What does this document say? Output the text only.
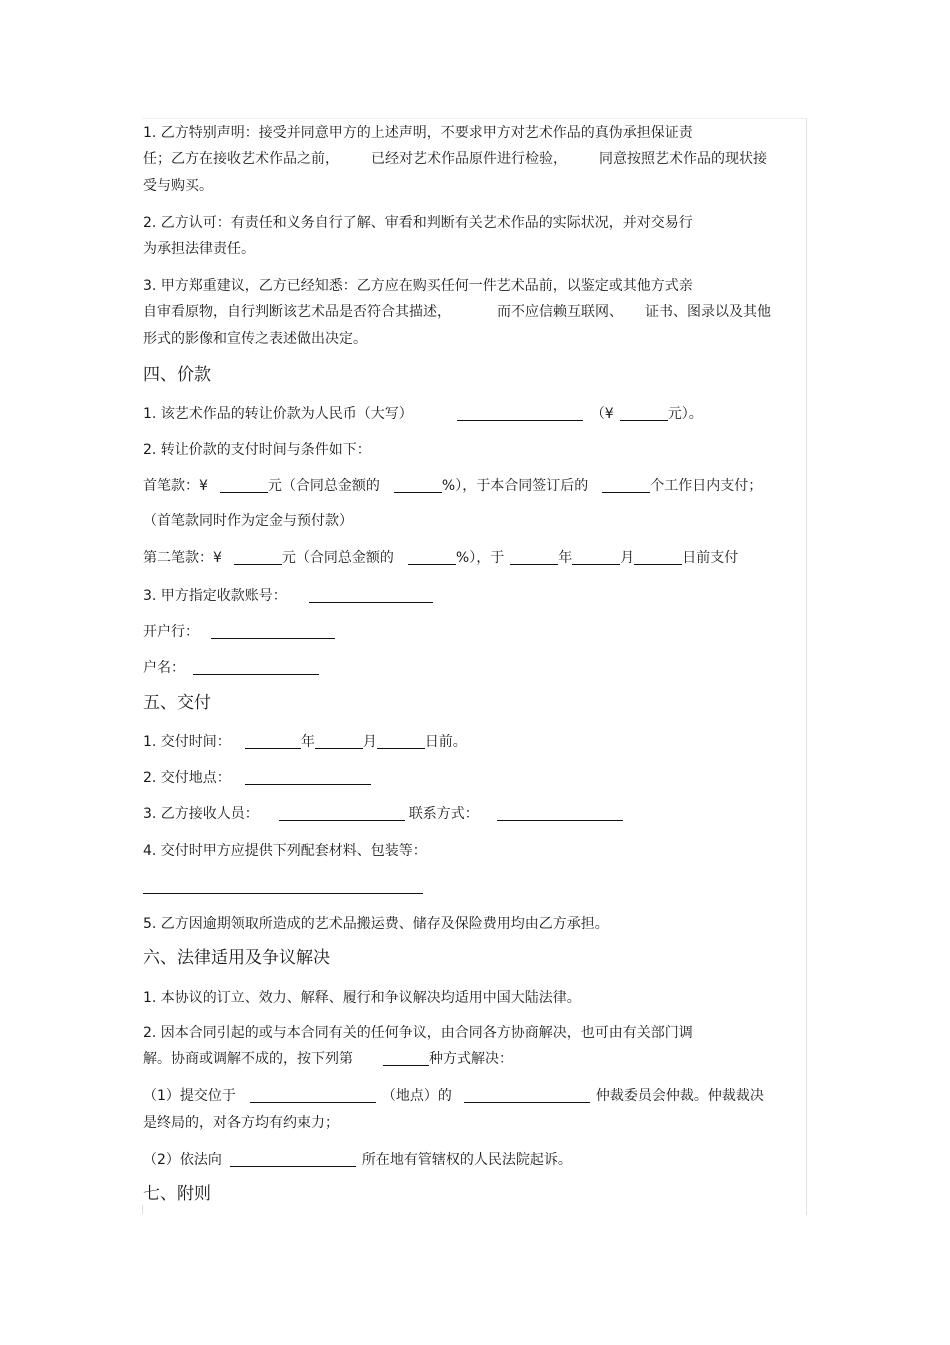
1. 乙方特别声明：接受并同意甲方的上述声明，不要求甲方对艺术作品的真伪承担保证责
任；乙方在接收艺术作品之前， 已经对艺术作品原件进行检验， 同意按照艺术作品的现状接
受与购买。
2. 乙方认可：有责任和义务自行了解、审看和判断有关艺术作品的实际状况，并对交易行
为承担法律责任。
3. 甲方郑重建议，乙方已经知悉：乙方应在购买任何一件艺术品前，以鉴定或其他方式亲
自审看原物，自行判断该艺术品是否符合其描述，	而不应信赖互联网、 证书、图录以及其他
形式的影像和宣传之表述做出决定。
四、价款
1. 该艺术作品的转让价款为人民币（大写）	（¥	元）。
2. 转让价款的支付时间与条件如下：
首笔款：¥	元（合同总金额的	%），于本合同签订后的	个工作日内支付；
（首笔款同时作为定金与预付款）
第二笔款：¥	元（合同总金额的	%），于	年	月	日前支付
3. 甲方指定收款账号：
开户行：
户名：
五、交付
1. 交付时间：	年	月	日前。
2. 交付地点：
3. 乙方接收人员：	联系方式：
4. 交付时甲方应提供下列配套材料、包装等：
5. 乙方因逾期领取所造成的艺术品搬运费、储存及保险费用均由乙方承担。
六、法律适用及争议解决
1. 本协议的订立、效力、解释、履行和争议解决均适用中国大陆法律。
2. 因本合同引起的或与本合同有关的任何争议，由合同各方协商解决，也可由有关部门调
解。协商或调解不成的，按下列第	种方式解决：
（1）提交位于	（地点）的	仲裁委员会仲裁。仲裁裁决
是终局的，对各方均有约束力；
（2）依法向	所在地有管辖权的人民法院起诉。
七、附则
